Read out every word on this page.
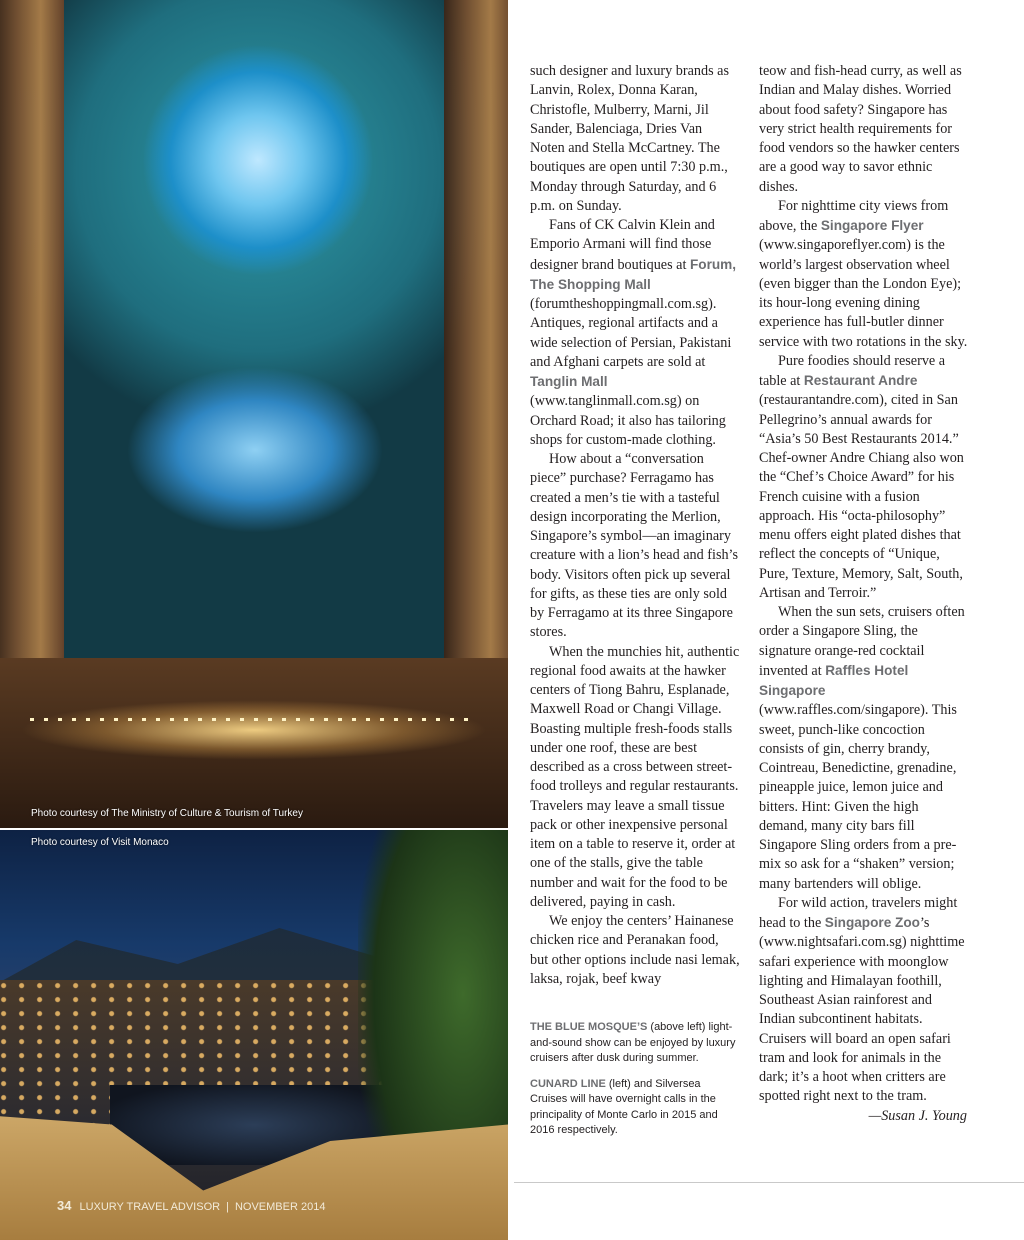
Photo courtesy of The Ministry of Culture & Tourism of Turkey
Photo courtesy of Visit Monaco
34 LUXURY TRAVEL ADVISOR | NOVEMBER 2014

such designer and luxury brands as Lanvin, Rolex, Donna Karan, Christofle, Mulberry, Marni, Jil Sander, Balenciaga, Dries Van Noten and Stella McCartney. The boutiques are open until 7:30 p.m., Monday through Saturday, and 6 p.m. on Sunday.

Fans of CK Calvin Klein and Emporio Armani will find those designer brand boutiques at Forum, The Shopping Mall (forumtheshoppingmall.com.sg). Antiques, regional artifacts and a wide selection of Persian, Pakistani and Afghani carpets are sold at Tanglin Mall (www.tanglinmall.com.sg) on Orchard Road; it also has tailoring shops for custom-made clothing.

How about a “conversation piece” purchase? Ferragamo has created a men’s tie with a tasteful design incorporating the Merlion, Singapore’s symbol—an imaginary creature with a lion’s head and fish’s body. Visitors often pick up several for gifts, as these ties are only sold by Ferragamo at its three Singapore stores.

When the munchies hit, authentic regional food awaits at the hawker centers of Tiong Bahru, Esplanade, Maxwell Road or Changi Village. Boasting multiple fresh-foods stalls under one roof, these are best described as a cross between street-food trolleys and regular restaurants. Travelers may leave a small tissue pack or other inexpensive personal item on a table to reserve it, order at one of the stalls, give the table number and wait for the food to be delivered, paying in cash.

We enjoy the centers’ Hainanese chicken rice and Peranakan food, but other options include nasi lemak, laksa, rojak, beef kway

THE BLUE MOSQUE’S (above left) light-and-sound show can be enjoyed by luxury cruisers after dusk during summer.

CUNARD LINE (left) and Silversea Cruises will have overnight calls in the principality of Monte Carlo in 2015 and 2016 respectively.

teow and fish-head curry, as well as Indian and Malay dishes. Worried about food safety? Singapore has very strict health requirements for food vendors so the hawker centers are a good way to savor ethnic dishes.

For nighttime city views from above, the Singapore Flyer (www.singaporeflyer.com) is the world’s largest observation wheel (even bigger than the London Eye); its hour-long evening dining experience has full-butler dinner service with two rotations in the sky.

Pure foodies should reserve a table at Restaurant Andre (restaurantandre.com), cited in San Pellegrino’s annual awards for “Asia’s 50 Best Restaurants 2014.” Chef-owner Andre Chiang also won the “Chef’s Choice Award” for his French cuisine with a fusion approach. His “octa-philosophy” menu offers eight plated dishes that reflect the concepts of “Unique, Pure, Texture, Memory, Salt, South, Artisan and Terroir.”

When the sun sets, cruisers often order a Singapore Sling, the signature orange-red cocktail invented at Raffles Hotel Singapore (www.raffles.com/singapore). This sweet, punch-like concoction consists of gin, cherry brandy, Cointreau, Benedictine, grenadine, pineapple juice, lemon juice and bitters. Hint: Given the high demand, many city bars fill Singapore Sling orders from a pre-mix so ask for a “shaken” version; many bartenders will oblige.

For wild action, travelers might head to the Singapore Zoo’s (www.nightsafari.com.sg) nighttime safari experience with moonglow lighting and Himalayan foothill, Southeast Asian rainforest and Indian subcontinent habitats. Cruisers will board an open safari tram and look for animals in the dark; it’s a hoot when critters are spotted right next to the tram.

—Susan J. Young
